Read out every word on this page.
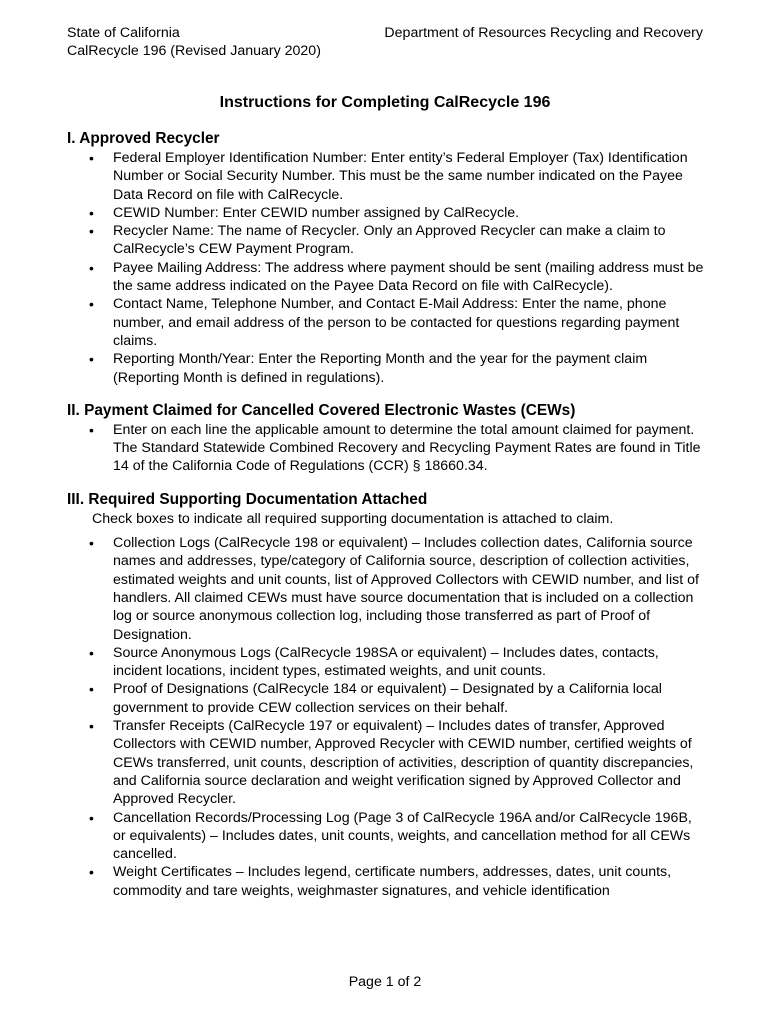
State of California
CalRecycle 196 (Revised January 2020)
Department of Resources Recycling and Recovery
Instructions for Completing CalRecycle 196
I. Approved Recycler
•	Federal Employer Identification Number: Enter entity’s Federal Employer (Tax) Identification Number or Social Security Number. This must be the same number indicated on the Payee Data Record on file with CalRecycle.
•	CEWID Number: Enter CEWID number assigned by CalRecycle.
•	Recycler Name: The name of Recycler. Only an Approved Recycler can make a claim to CalRecycle’s CEW Payment Program.
•	Payee Mailing Address: The address where payment should be sent (mailing address must be the same address indicated on the Payee Data Record on file with CalRecycle).
•	Contact Name, Telephone Number, and Contact E-Mail Address: Enter the name, phone number, and email address of the person to be contacted for questions regarding payment claims.
•	Reporting Month/Year: Enter the Reporting Month and the year for the payment claim (Reporting Month is defined in regulations).
II. Payment Claimed for Cancelled Covered Electronic Wastes (CEWs)
•	Enter on each line the applicable amount to determine the total amount claimed for payment. The Standard Statewide Combined Recovery and Recycling Payment Rates are found in Title 14 of the California Code of Regulations (CCR) § 18660.34.
III. Required Supporting Documentation Attached
Check boxes to indicate all required supporting documentation is attached to claim.
•	Collection Logs (CalRecycle 198 or equivalent) – Includes collection dates, California source names and addresses, type/category of California source, description of collection activities, estimated weights and unit counts, list of Approved Collectors with CEWID number, and list of handlers. All claimed CEWs must have source documentation that is included on a collection log or source anonymous collection log, including those transferred as part of Proof of Designation.
•	Source Anonymous Logs (CalRecycle 198SA or equivalent) – Includes dates, contacts, incident locations, incident types, estimated weights, and unit counts.
•	Proof of Designations (CalRecycle 184 or equivalent) – Designated by a California local government to provide CEW collection services on their behalf.
•	Transfer Receipts (CalRecycle 197 or equivalent) – Includes dates of transfer, Approved Collectors with CEWID number, Approved Recycler with CEWID number, certified weights of CEWs transferred, unit counts, description of activities, description of quantity discrepancies, and California source declaration and weight verification signed by Approved Collector and Approved Recycler.
•	Cancellation Records/Processing Log (Page 3 of CalRecycle 196A and/or CalRecycle 196B, or equivalents) – Includes dates, unit counts, weights, and cancellation method for all CEWs cancelled.
•	Weight Certificates – Includes legend, certificate numbers, addresses, dates, unit counts, commodity and tare weights, weighmaster signatures, and vehicle identification
Page 1 of 2
